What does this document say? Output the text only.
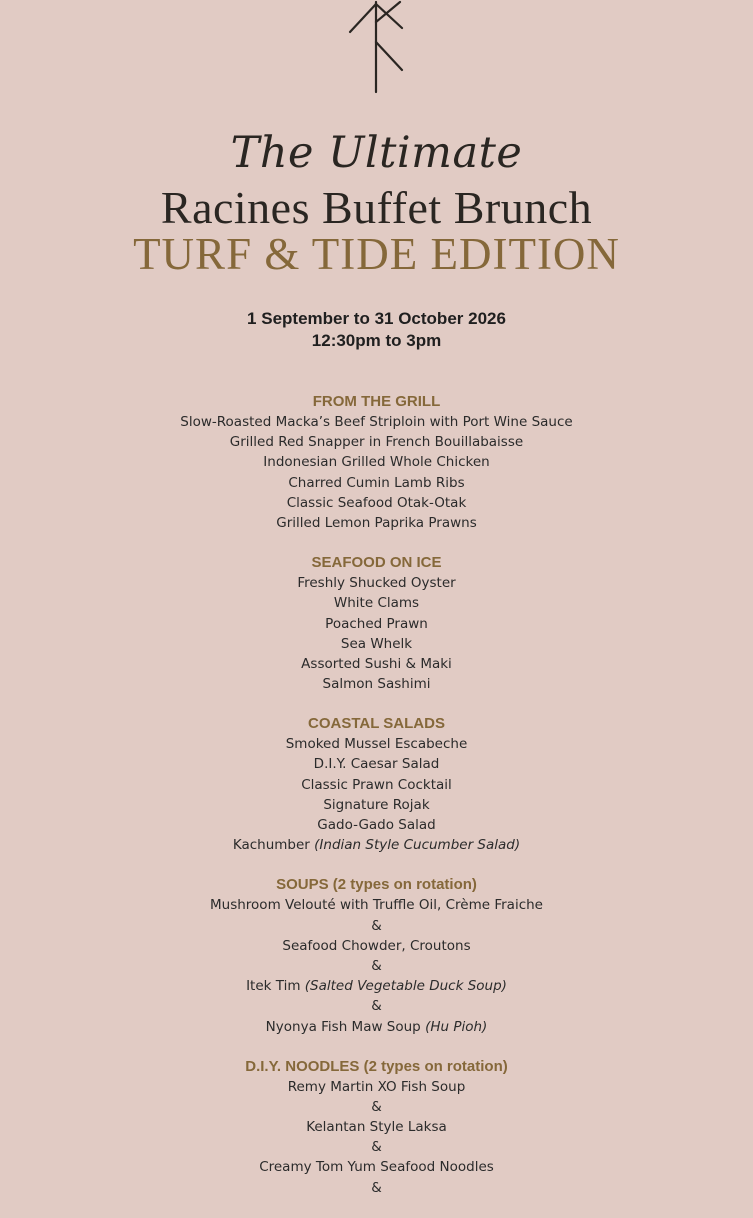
The Ultimate
Racines Buffet Brunch
TURF & TIDE EDITION
1 September to 31 October 2026
12:30pm to 3pm
FROM THE GRILL
Slow-Roasted Macka’s Beef Striploin with Port Wine Sauce
Grilled Red Snapper in French Bouillabaisse
Indonesian Grilled Whole Chicken
Charred Cumin Lamb Ribs
Classic Seafood Otak-Otak
Grilled Lemon Paprika Prawns
SEAFOOD ON ICE
Freshly Shucked Oyster
White Clams
Poached Prawn
Sea Whelk
Assorted Sushi & Maki
Salmon Sashimi
COASTAL SALADS
Smoked Mussel Escabeche
D.I.Y. Caesar Salad
Classic Prawn Cocktail
Signature Rojak
Gado-Gado Salad
Kachumber (Indian Style Cucumber Salad)
SOUPS (2 types on rotation)
Mushroom Velouté with Truffle Oil, Crème Fraiche
&
Seafood Chowder, Croutons
&
Itek Tim (Salted Vegetable Duck Soup)
&
Nyonya Fish Maw Soup (Hu Pioh)
D.I.Y. NOODLES (2 types on rotation)
Remy Martin XO Fish Soup
&
Kelantan Style Laksa
&
Creamy Tom Yum Seafood Noodles
&
